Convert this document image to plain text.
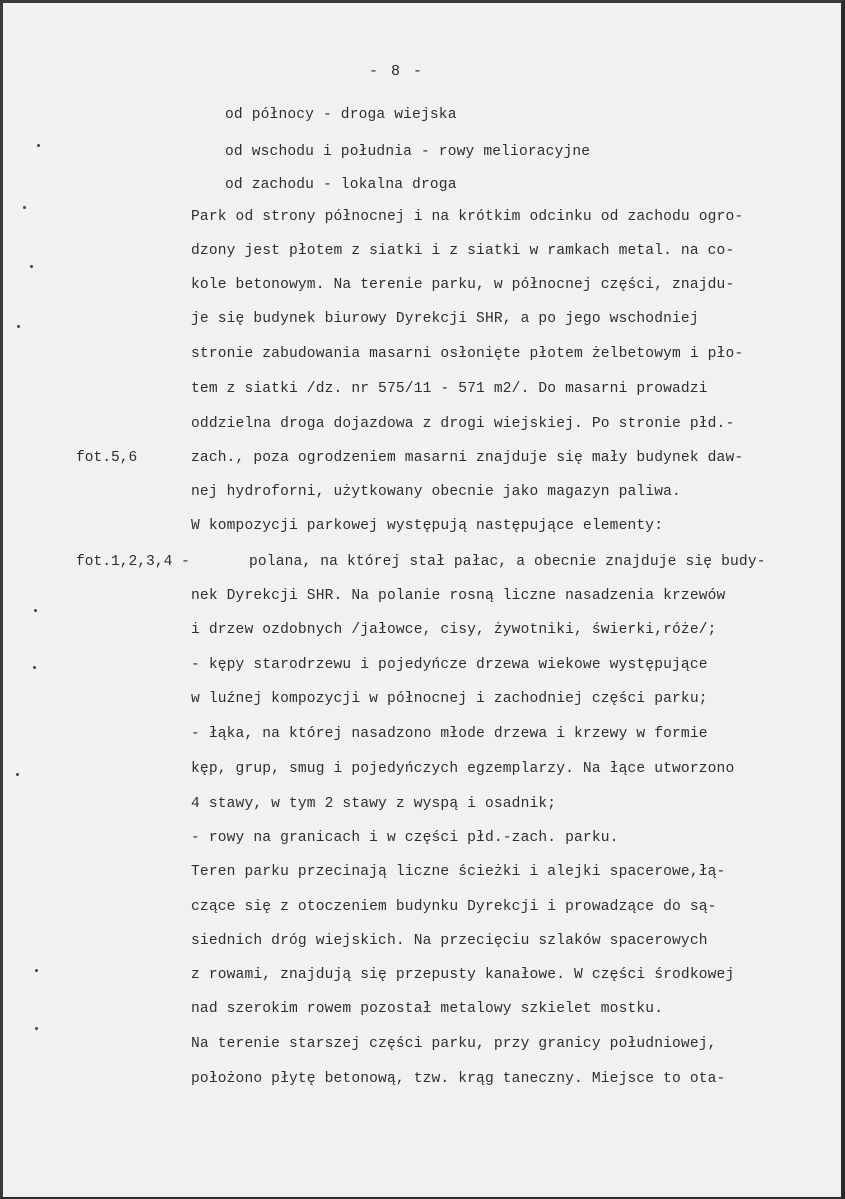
- 8 -
od północy - droga wiejska
od wschodu i południa - rowy melioracyjne
od zachodu - lokalna droga
Park od strony północnej i na krótkim odcinku od zachodu ogro-
dzony jest płotem z siatki i z siatki w ramkach metal. na co-
kole betonowym. Na terenie parku, w północnej części, znajdu-
je się budynek biurowy Dyrekcji SHR, a po jego wschodniej
stronie zabudowania masarni osłonięte płotem żelbetowym i pło-
tem z siatki /dz. nr 575/11 - 571 m2/. Do masarni prowadzi
oddzielna droga dojazdowa z drogi wiejskiej. Po stronie płd.-
fot.5,6	zach., poza ogrodzeniem masarni znajduje się mały budynek daw-
nej hydroforni, użytkowany obecnie jako magazyn paliwa.
W kompozycji parkowej występują następujące elementy:
fot.1,2,3,4 -	polana, na której stał pałac, a obecnie znajduje się budy-
nek Dyrekcji SHR. Na polanie rosną liczne nasadzenia krzewów
i drzew ozdobnych /jałowce, cisy, żywotniki, świerki,róże/;
- kępy starodrzewu i pojedyńcze drzewa wiekowe występujące
w luźnej kompozycji w północnej i zachodniej części parku;
- łąka, na której nasadzono młode drzewa i krzewy w formie
kęp, grup, smug i pojedyńczych egzemplarzy. Na łące utworzono
4 stawy, w tym 2 stawy z wyspą i osadnik;
- rowy na granicach i w części płd.-zach. parku.
Teren parku przecinają liczne ścieżki i alejki spacerowe,łą-
czące się z otoczeniem budynku Dyrekcji i prowadzące do są-
siednich dróg wiejskich. Na przecięciu szlaków spacerowych
z rowami, znajdują się przepusty kanałowe. W części środkowej
nad szerokim rowem pozostał metalowy szkielet mostku.
Na terenie starszej części parku, przy granicy południowej,
położono płytę betonową, tzw. krąg taneczny. Miejsce to ota-
